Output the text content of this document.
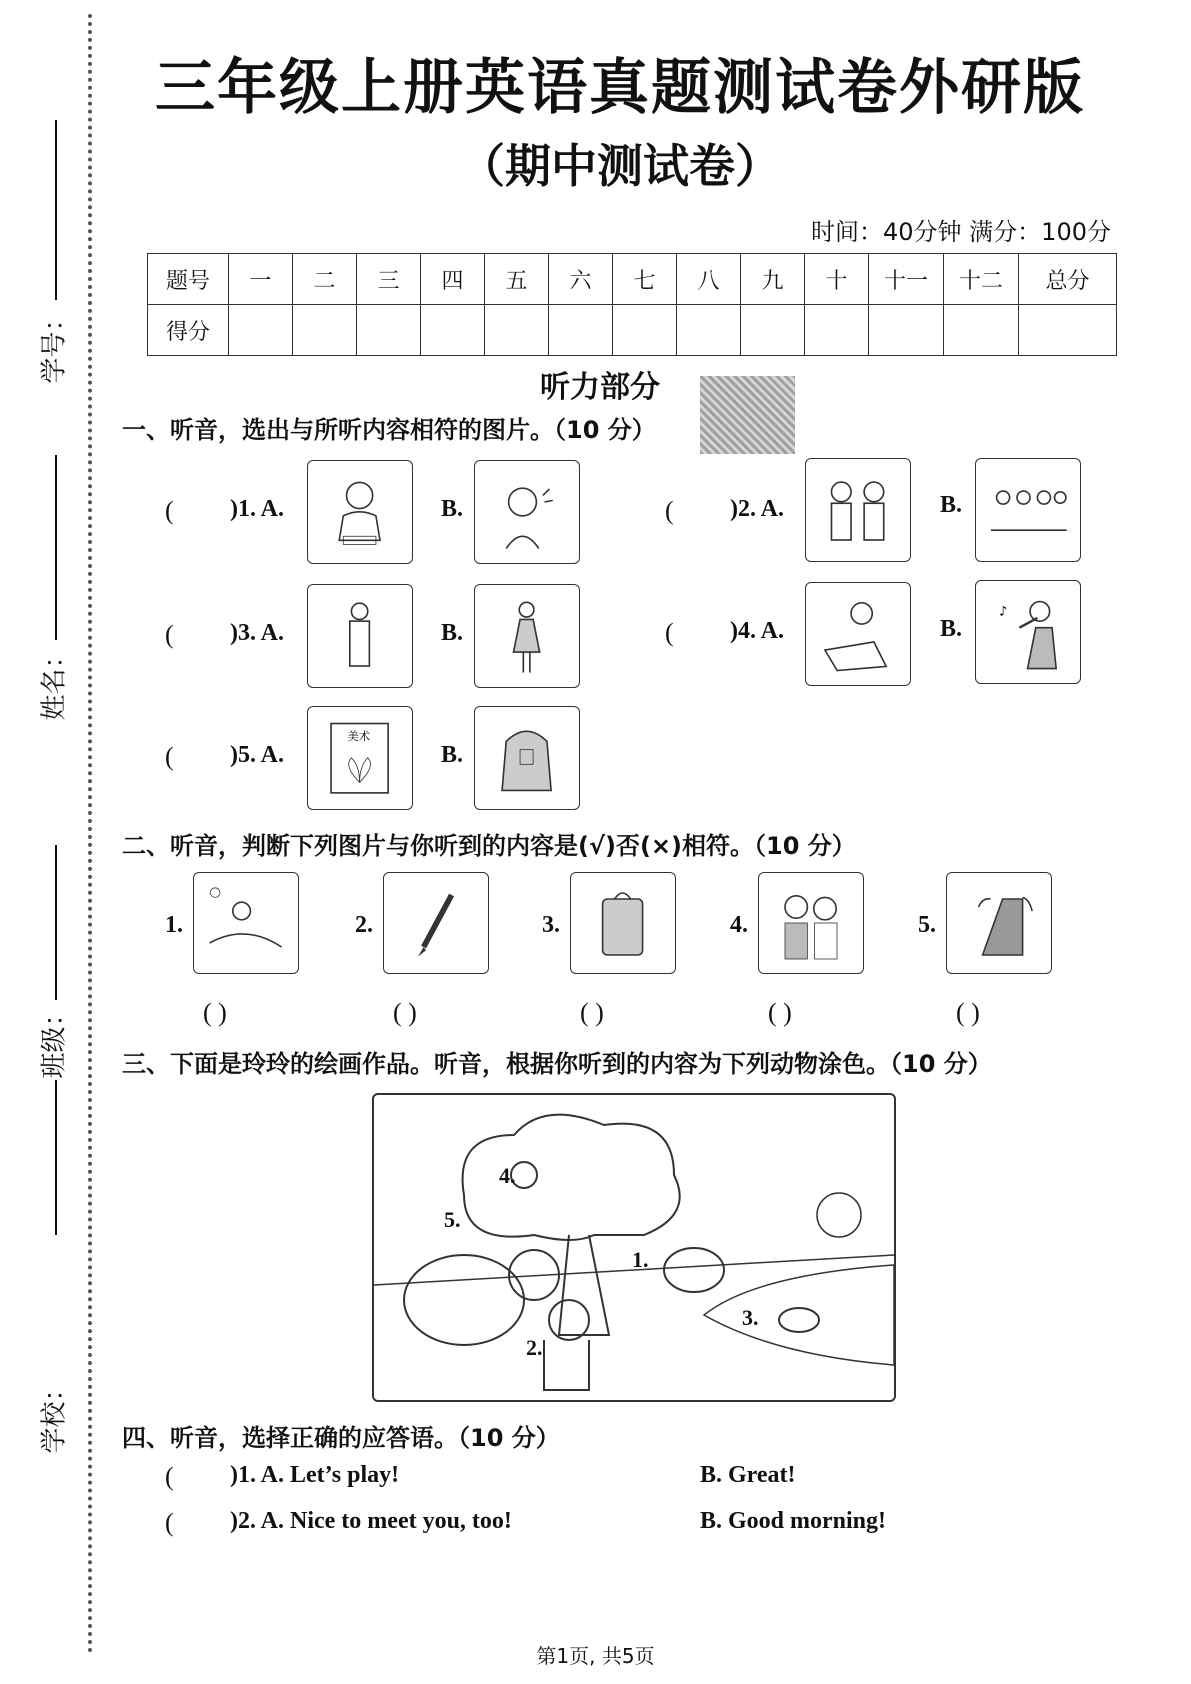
学号：
姓名：
班级：
学校：
三年级上册英语真题测试卷外研版
（期中测试卷）
时间：40分钟 满分：100分
题号	一	二	三	四	五	六	七	八	九	十	十一	十二	总分
得分													
听力部分
一、听音，选出与所听内容相符的图片。（10 分）
( )1. A.	B.	( )2. A.	B.
( )3. A.	B.	( )4. A.	B.
♪
( )5. A.
美术
B.
二、听音，判断下列图片与你听到的内容是(√)否(×)相符。（10 分）
1.
( )
2.
( )
3.
( )
4.
( )
5.
( )
三、下面是玲玲的绘画作品。听音，根据你听到的内容为下列动物涂色。（10 分）
1.
2.
3.
4.
5.
四、听音，选择正确的应答语。（10 分）
( )1. A. Let’s play!	B. Great!
( )2. A. Nice to meet you, too!	B. Good morning!
第1页, 共5页
